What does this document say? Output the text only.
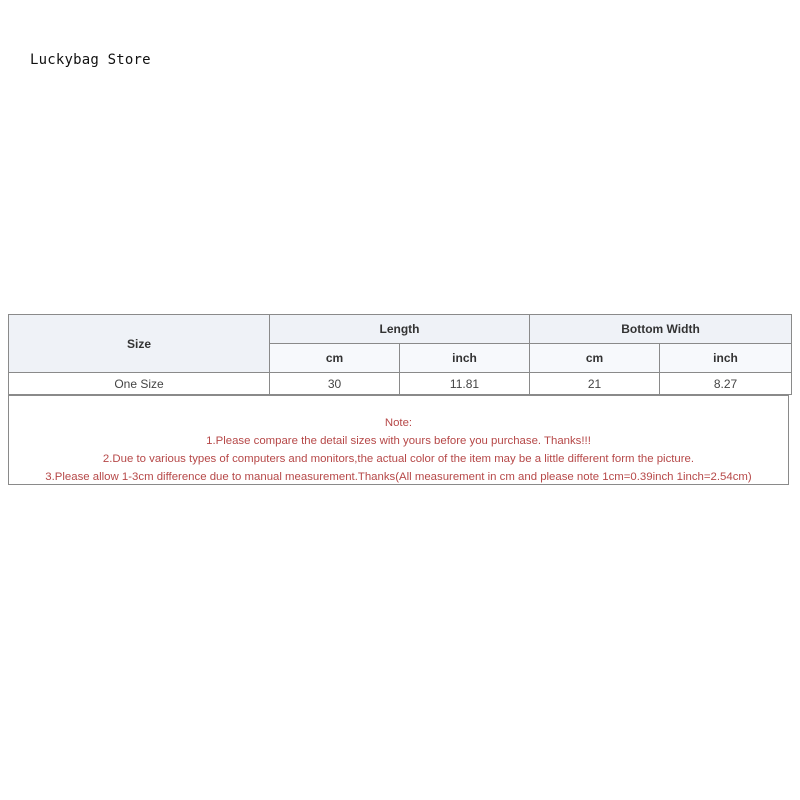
Luckybag Store
Size	Length		Bottom Width	
	cm	inch	cm	inch
One Size	30	11.81	21	8.27
Note:
1.Please compare the detail sizes with yours before you purchase. Thanks!!!
2.Due to various types of computers and monitors,the actual color of the item may be a little different form the picture.
3.Please allow 1-3cm difference due to manual measurement.Thanks(All measurement in cm and please note 1cm=0.39inch 1inch=2.54cm)
